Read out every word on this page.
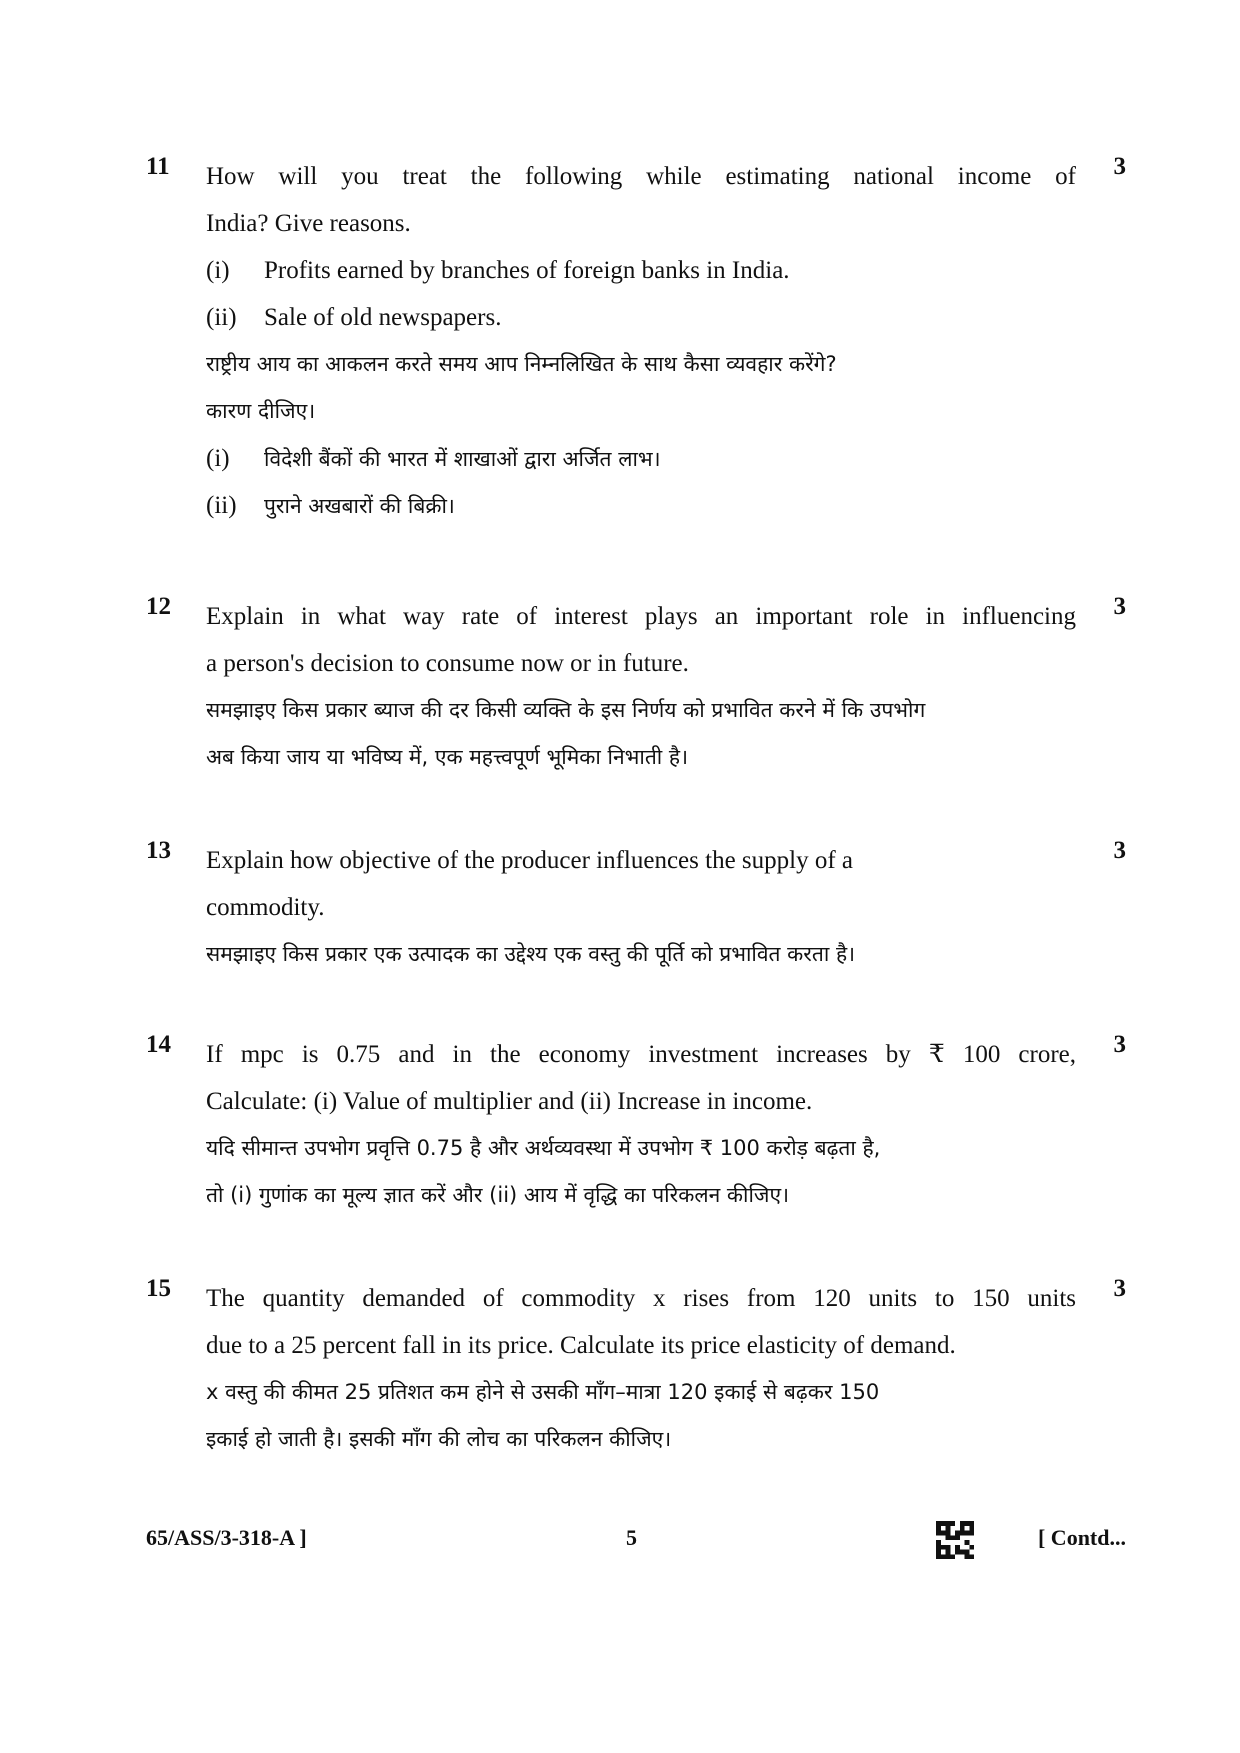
11	3
How will you treat the following while estimating national income of
India? Give reasons.
(i) Profits earned by branches of foreign banks in India.
(ii) Sale of old newspapers.
राष्ट्रीय आय का आकलन करते समय आप निम्नलिखित के साथ कैसा व्यवहार करेंगे?
कारण दीजिए।
(i) विदेशी बैंकों की भारत में शाखाओं द्वारा अर्जित लाभ।
(ii) पुराने अखबारों की बिक्री।
12	3
Explain in what way rate of interest plays an important role in influencing
a person's decision to consume now or in future.
समझाइए किस प्रकार ब्याज की दर किसी व्यक्ति के इस निर्णय को प्रभावित करने में कि उपभोग
अब किया जाय या भविष्य में, एक महत्त्वपूर्ण भूमिका निभाती है।
13	3
Explain how objective of the producer influences the supply of a
commodity.
समझाइए किस प्रकार एक उत्पादक का उद्देश्य एक वस्तु की पूर्ति को प्रभावित करता है।
14	3
If mpc is 0.75 and in the economy investment increases by ₹ 100 crore,
Calculate: (i) Value of multiplier and (ii) Increase in income.
यदि सीमान्त उपभोग प्रवृत्ति 0.75 है और अर्थव्यवस्था में उपभोग ₹ 100 करोड़ बढ़ता है,
तो (i) गुणांक का मूल्य ज्ञात करें और (ii) आय में वृद्धि का परिकलन कीजिए।
15	3
The quantity demanded of commodity x rises from 120 units to 150 units
due to a 25 percent fall in its price. Calculate its price elasticity of demand.
x वस्तु की कीमत 25 प्रतिशत कम होने से उसकी माँग–मात्रा 120 इकाई से बढ़कर 150
इकाई हो जाती है। इसकी माँग की लोच का परिकलन कीजिए।
65/ASS/3-318-A ]	5	[ Contd...
